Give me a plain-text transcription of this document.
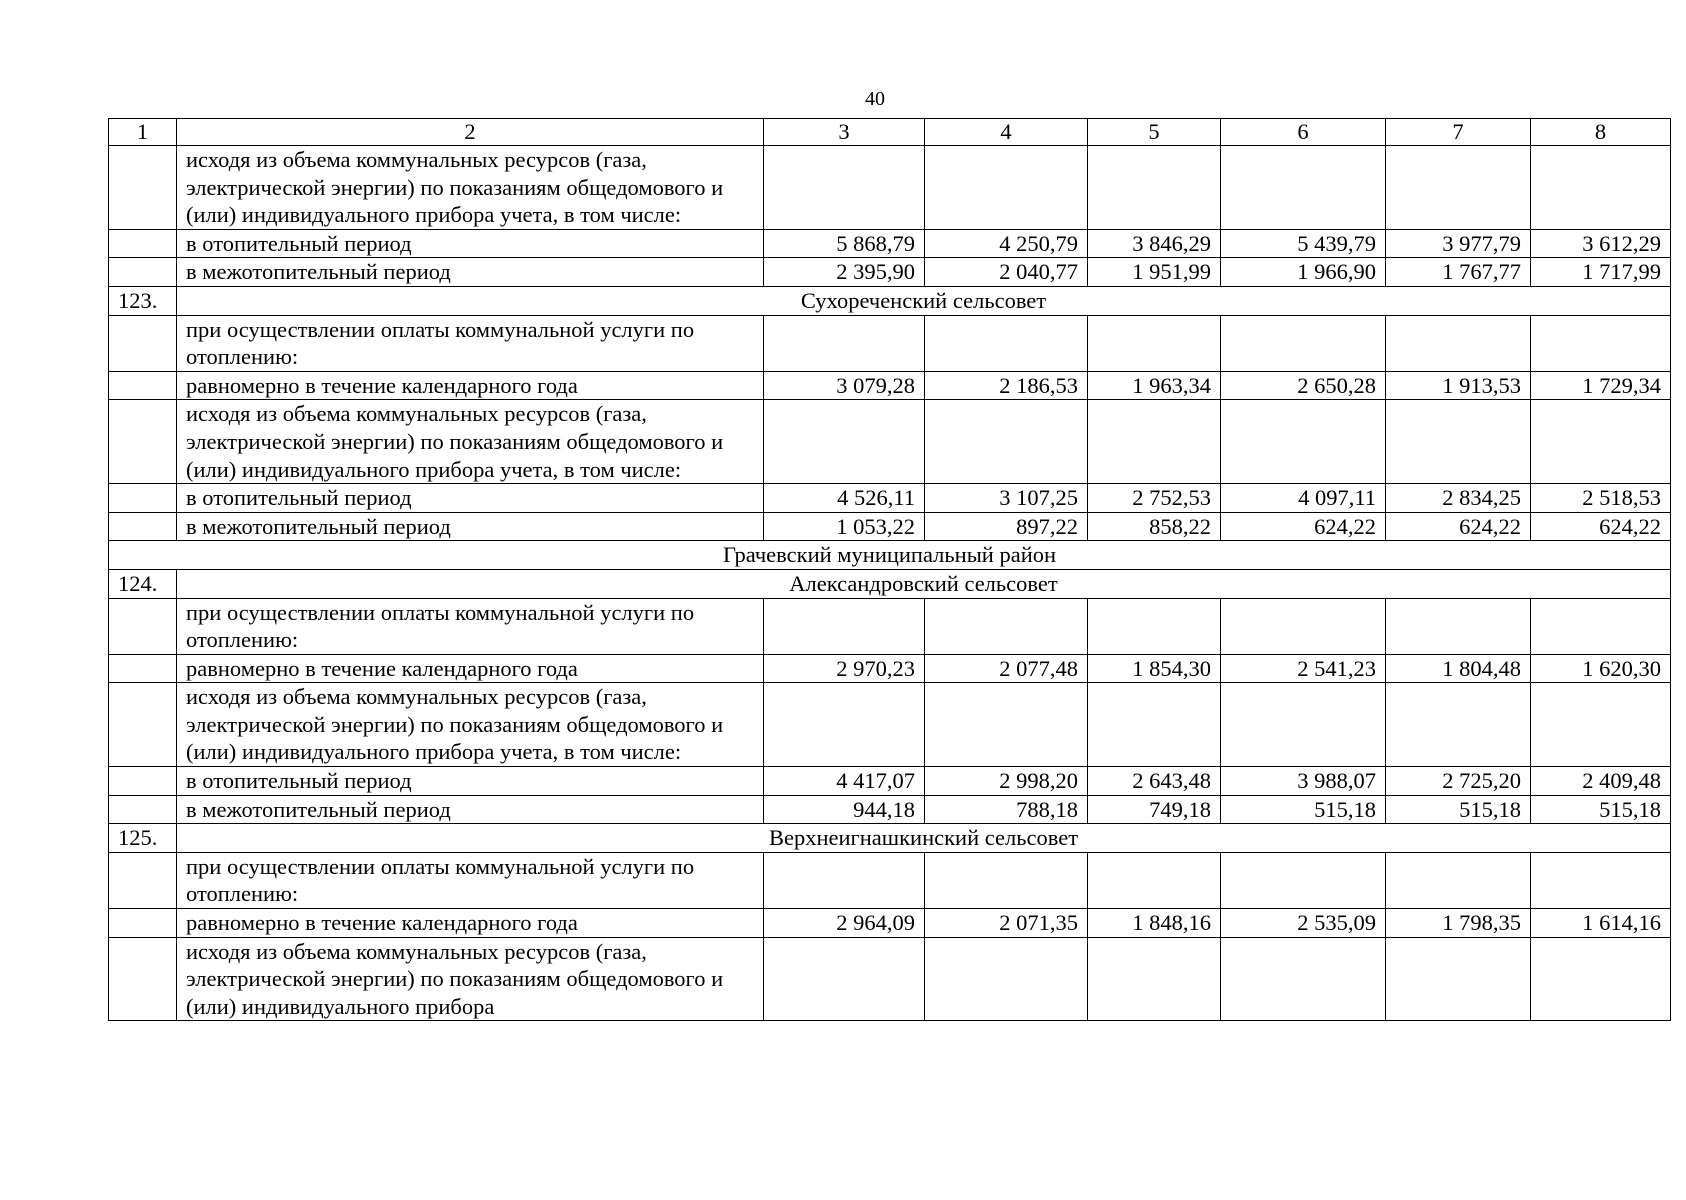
40
1	2	3	4	5	6	7	8
	исходя из объема коммунальных ресурсов (газа, электрической энергии) по показаниям общедомового и (или) индивидуального прибора учета, в том числе:						
	в отопительный период	5 868,79	4 250,79	3 846,29	5 439,79	3 977,79	3 612,29
	в межотопительный период	2 395,90	2 040,77	1 951,99	1 966,90	1 767,77	1 717,99
123.	Сухореченский сельсовет						
	при осуществлении оплаты коммунальной услуги по отоплению:						
	равномерно в течение календарного года	3 079,28	2 186,53	1 963,34	2 650,28	1 913,53	1 729,34
	исходя из объема коммунальных ресурсов (газа, электрической энергии) по показаниям общедомового и (или) индивидуального прибора учета, в том числе:						
	в отопительный период	4 526,11	3 107,25	2 752,53	4 097,11	2 834,25	2 518,53
	в межотопительный период	1 053,22	897,22	858,22	624,22	624,22	624,22
Грачевский муниципальный район							
124.	Александровский сельсовет						
	при осуществлении оплаты коммунальной услуги по отоплению:						
	равномерно в течение календарного года	2 970,23	2 077,48	1 854,30	2 541,23	1 804,48	1 620,30
	исходя из объема коммунальных ресурсов (газа, электрической энергии) по показаниям общедомового и (или) индивидуального прибора учета, в том числе:						
	в отопительный период	4 417,07	2 998,20	2 643,48	3 988,07	2 725,20	2 409,48
	в межотопительный период	944,18	788,18	749,18	515,18	515,18	515,18
125.	Верхнеигнашкинский сельсовет						
	при осуществлении оплаты коммунальной услуги по отоплению:						
	равномерно в течение календарного года	2 964,09	2 071,35	1 848,16	2 535,09	1 798,35	1 614,16
	исходя из объема коммунальных ресурсов (газа, электрической энергии) по показаниям общедомового и (или) индивидуального прибора						
